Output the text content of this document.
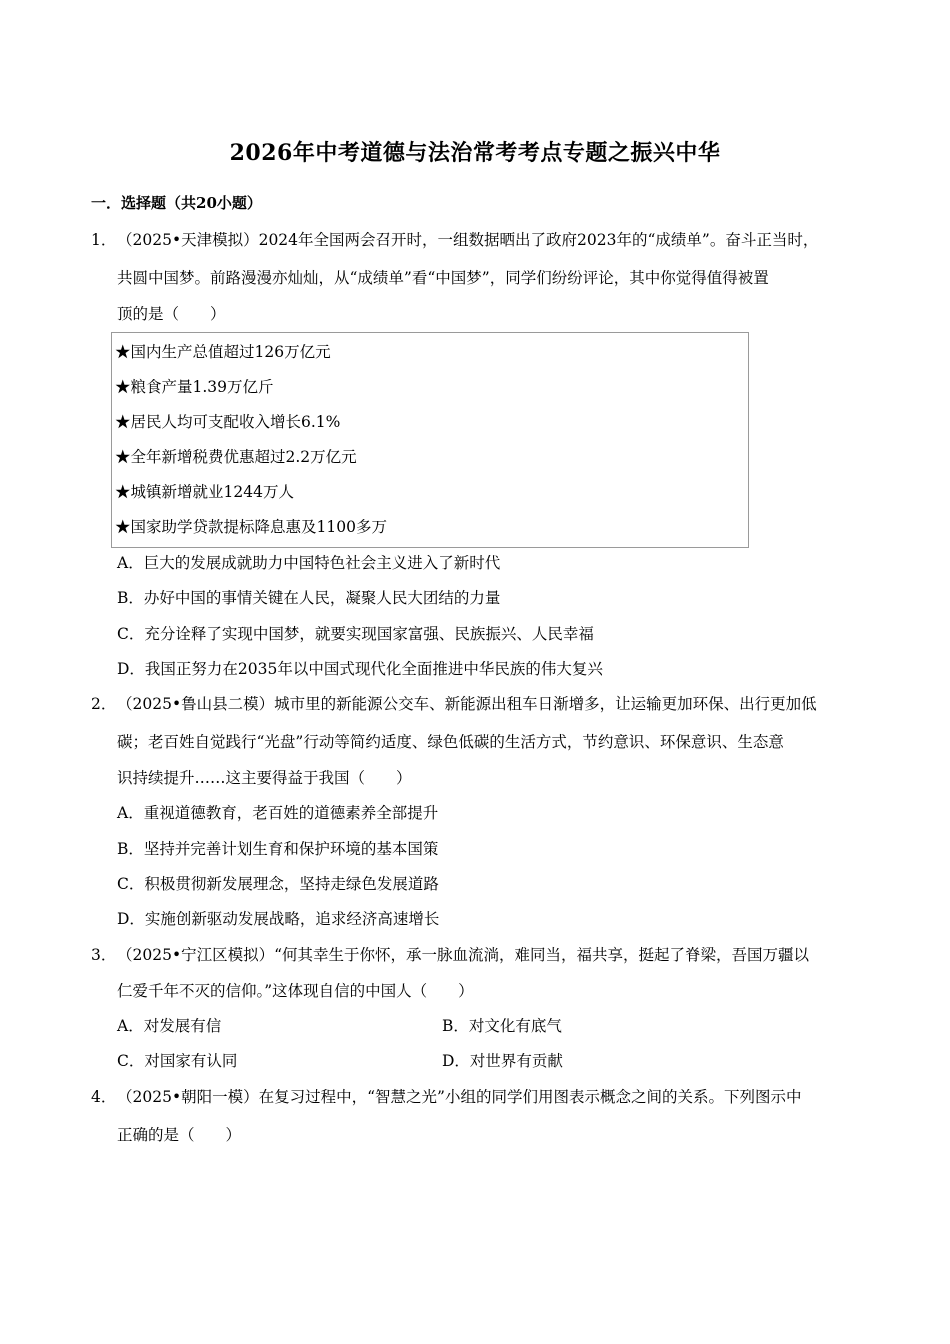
2026年中考道德与法治常考考点专题之振兴中华
一．选择题（共20小题）
1． （2025•天津模拟）2024年全国两会召开时，一组数据晒出了政府2023年的“成绩单”。奋斗正当时，
共圆中国梦。前路漫漫亦灿灿，从“成绩单”看“中国梦”，同学们纷纷评论，其中你觉得值得被置
顶的是（　　）
★国内生产总值超过126万亿元
★粮食产量1.39万亿斤
★居民人均可支配收入增长6.1%
★全年新增税费优惠超过2.2万亿元
★城镇新增就业1244万人
★国家助学贷款提标降息惠及1100多万
A．巨大的发展成就助力中国特色社会主义进入了新时代
B．办好中国的事情关键在人民，凝聚人民大团结的力量
C．充分诠释了实现中国梦，就要实现国家富强、民族振兴、人民幸福
D．我国正努力在2035年以中国式现代化全面推进中华民族的伟大复兴
2． （2025•鲁山县二模）城市里的新能源公交车、新能源出租车日渐增多，让运输更加环保、出行更加低
碳；老百姓自觉践行“光盘”行动等简约适度、绿色低碳的生活方式，节约意识、环保意识、生态意
识持续提升……这主要得益于我国（　　）
A．重视道德教育，老百姓的道德素养全部提升
B．坚持并完善计划生育和保护环境的基本国策
C．积极贯彻新发展理念，坚持走绿色发展道路
D．实施创新驱动发展战略，追求经济高速增长
3． （2025•宁江区模拟）“何其幸生于你怀，承一脉血流淌，难同当，福共享，挺起了脊梁，吾国万疆以
仁爱千年不灭的信仰。”这体现自信的中国人（　　）
A．对发展有信	B．对文化有底气
C．对国家有认同	D．对世界有贡献
4． （2025•朝阳一模）在复习过程中，“智慧之光”小组的同学们用图表示概念之间的关系。下列图示中
正确的是（　　）
